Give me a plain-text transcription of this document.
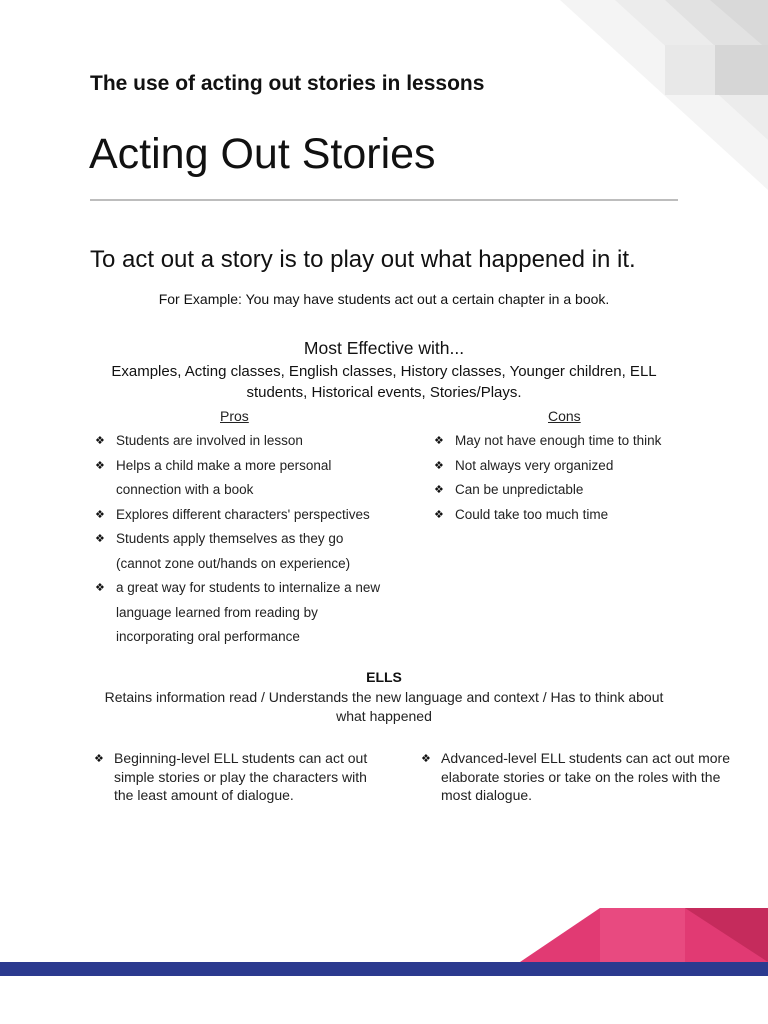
The use of acting out stories in lessons
Acting Out Stories

To act out a story is to play out what happened in it.

For Example: You may have students act out a certain chapter in a book.

Most Effective with...

Examples, Acting classes, English classes, History classes, Younger children, ELL students, Historical events, Stories/Plays.

Pros	Cons

❖ Students are involved in lesson
❖ Helps a child make a more personal connection with a book
❖ Explores different characters' perspectives
❖ Students apply themselves as they go (cannot zone out/hands on experience)
❖ a great way for students to internalize a new language learned from reading by incorporating oral performance
❖ May not have enough time to think
❖ Not always very organized
❖ Can be unpredictable
❖ Could take too much time

ELLS

Retains information read / Understands the new language and context / Has to think about what happened

❖ Beginning-level ELL students can act out simple stories or play the characters with the least amount of dialogue.

❖ Advanced-level ELL students can act out more elaborate stories or take on the roles with the most dialogue.
